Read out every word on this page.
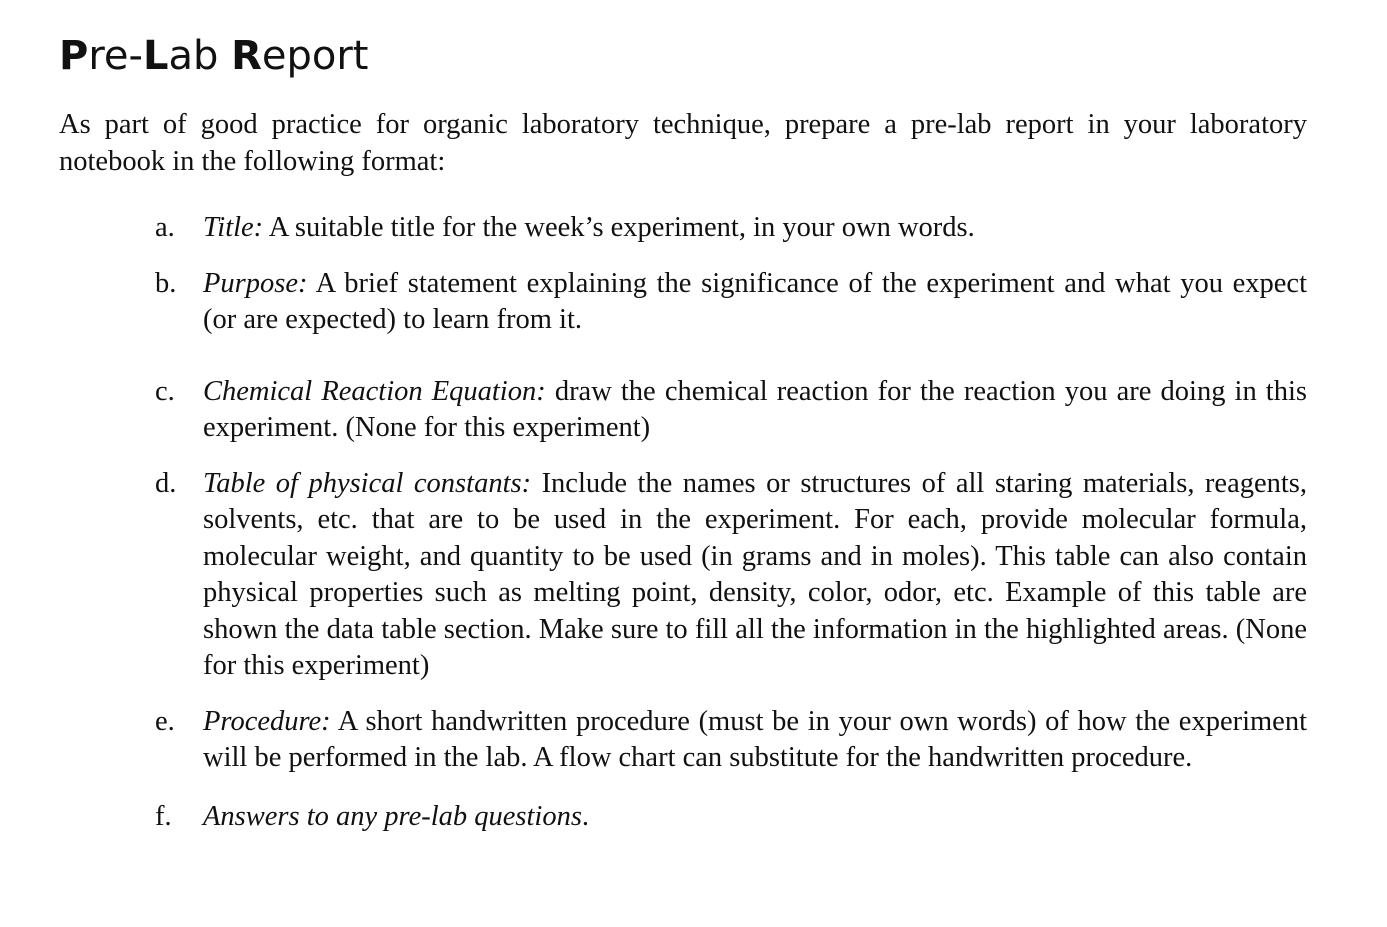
Pre-Lab Report

As part of good practice for organic laboratory technique, prepare a pre-lab report in your laboratory notebook in the following format:

a. Title: A suitable title for the week’s experiment, in your own words.
b. Purpose: A brief statement explaining the significance of the experiment and what you expect (or are expected) to learn from it.
c. Chemical Reaction Equation: draw the chemical reaction for the reaction you are doing in this experiment. (None for this experiment)
d. Table of physical constants: Include the names or structures of all staring materials, reagents, solvents, etc. that are to be used in the experiment. For each, provide molecular formula, molecular weight, and quantity to be used (in grams and in moles). This table can also contain physical properties such as melting point, density, color, odor, etc. Example of this table are shown the data table section. Make sure to fill all the information in the highlighted areas. (None for this experiment)
e. Procedure: A short handwritten procedure (must be in your own words) of how the experiment will be performed in the lab. A flow chart can substitute for the handwritten procedure.
f. Answers to any pre-lab questions.
